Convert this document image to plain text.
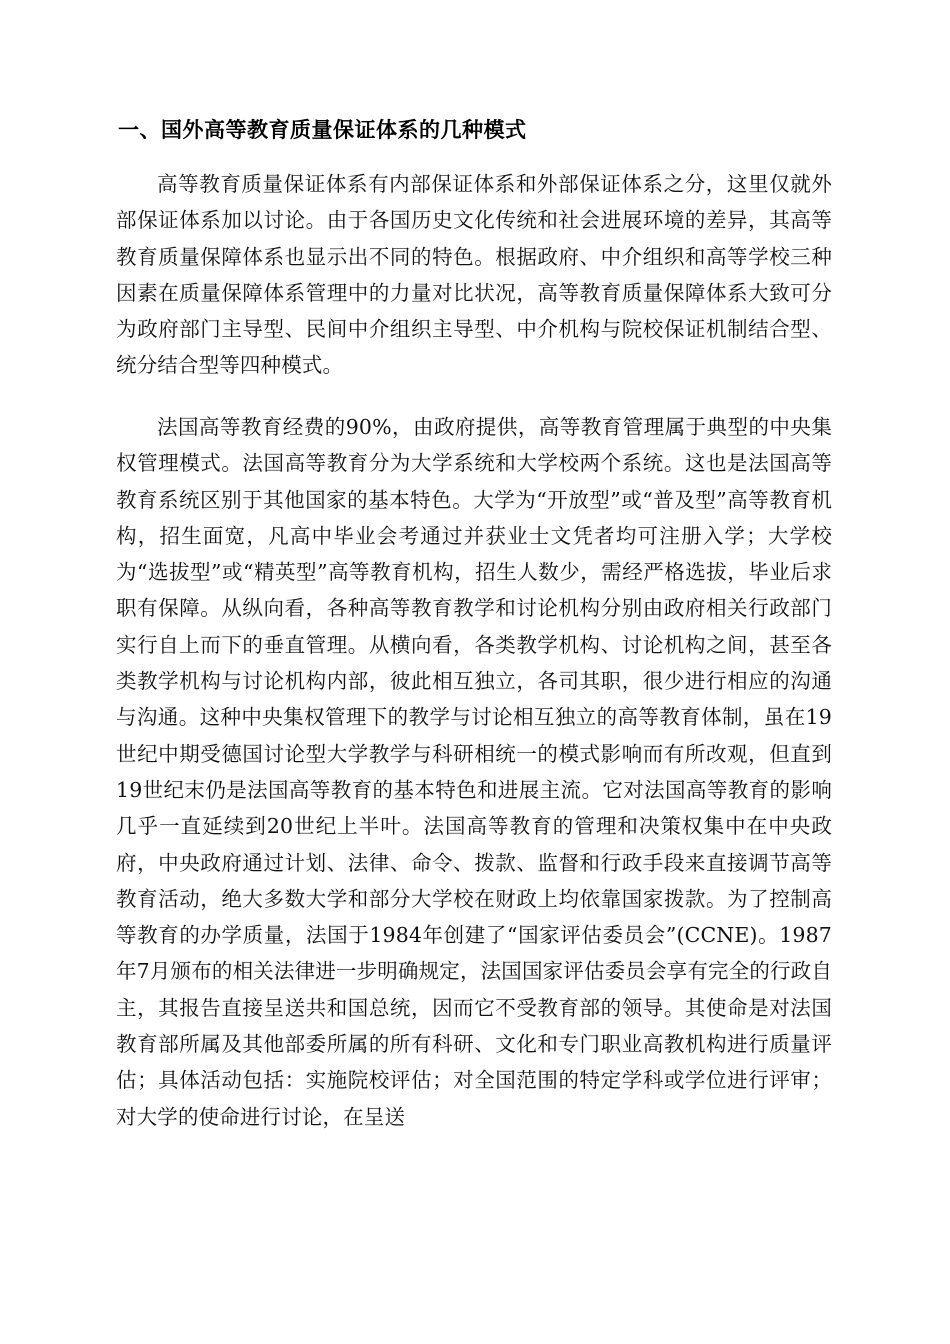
一、国外高等教育质量保证体系的几种模式

高等教育质量保证体系有内部保证体系和外部保证体系之分，这里仅就外部保证体系加以讨论。由于各国历史文化传统和社会进展环境的差异，其高等教育质量保障体系也显示出不同的特色。根据政府、中介组织和高等学校三种因素在质量保障体系管理中的力量对比状况，高等教育质量保障体系大致可分为政府部门主导型、民间中介组织主导型、中介机构与院校保证机制结合型、统分结合型等四种模式。

法国高等教育经费的90%，由政府提供，高等教育管理属于典型的中央集权管理模式。法国高等教育分为大学系统和大学校两个系统。这也是法国高等教育系统区别于其他国家的基本特色。大学为“开放型”或“普及型”高等教育机构，招生面宽，凡高中毕业会考通过并获业士文凭者均可注册入学；大学校为“选拔型”或“精英型”高等教育机构，招生人数少，需经严格选拔，毕业后求职有保障。从纵向看，各种高等教育教学和讨论机构分别由政府相关行政部门实行自上而下的垂直管理。从横向看，各类教学机构、讨论机构之间，甚至各类教学机构与讨论机构内部，彼此相互独立，各司其职，很少进行相应的沟通与沟通。这种中央集权管理下的教学与讨论相互独立的高等教育体制，虽在19世纪中期受德国讨论型大学教学与科研相统一的模式影响而有所改观，但直到19世纪末仍是法国高等教育的基本特色和进展主流。它对法国高等教育的影响几乎一直延续到20世纪上半叶。法国高等教育的管理和决策权集中在中央政府，中央政府通过计划、法律、命令、拨款、监督和行政手段来直接调节高等教育活动，绝大多数大学和部分大学校在财政上均依靠国家拨款。为了控制高等教育的办学质量，法国于1984年创建了“国家评估委员会”(CCNE)。1987年7月颁布的相关法律进一步明确规定，法国国家评估委员会享有完全的行政自主，其报告直接呈送共和国总统，因而它不受教育部的领导。其使命是对法国教育部所属及其他部委所属的所有科研、文化和专门职业高教机构进行质量评估；具体活动包括：实施院校评估；对全国范围的特定学科或学位进行评审；对大学的使命进行讨论，在呈送
